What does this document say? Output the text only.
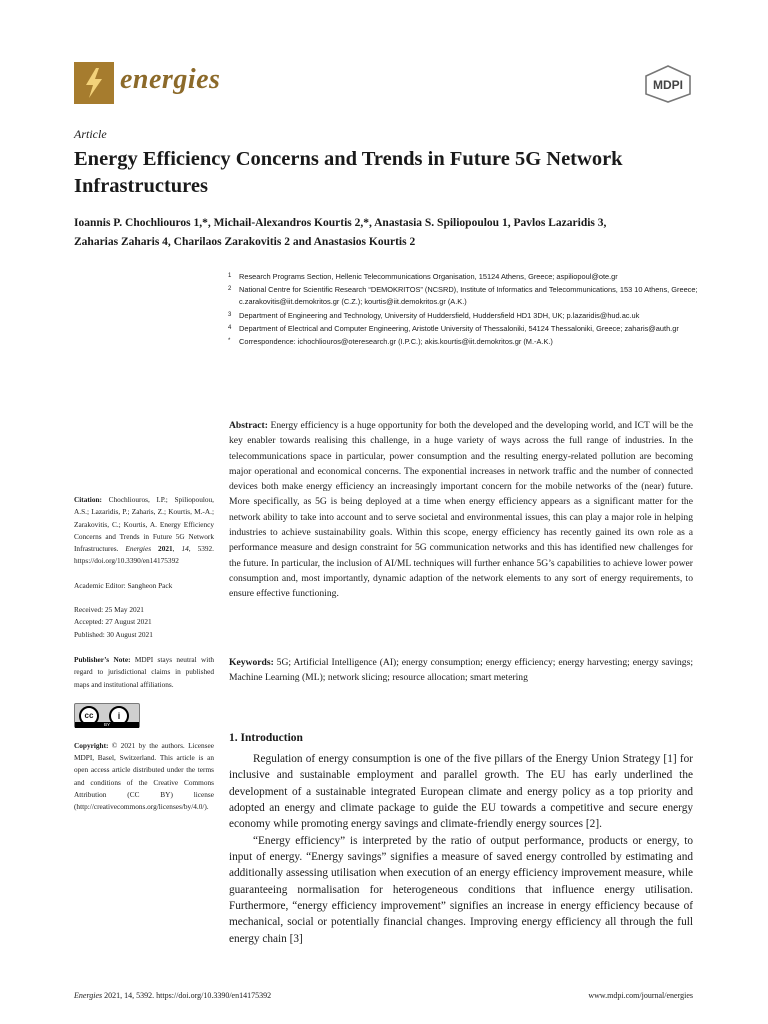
energies	MDPI
Article
Energy Efficiency Concerns and Trends in Future 5G Network Infrastructures
Ioannis P. Chochliouros 1,*, Michail-Alexandros Kourtis 2,*, Anastasia S. Spiliopoulou 1, Pavlos Lazaridis 3,
Zaharias Zaharis 4, Charilaos Zarakovitis 2 and Anastasios Kourtis 2
1 Research Programs Section, Hellenic Telecommunications Organisation, 15124 Athens, Greece; aspiliopoul@ote.gr
2 National Centre for Scientific Research “DEMOKRITOS” (NCSRD), Institute of Informatics and Telecommunications, 153 10 Athens, Greece; c.zarakovitis@iit.demokritos.gr (C.Z.); kourtis@iit.demokritos.gr (A.K.)
3 Department of Engineering and Technology, University of Huddersfield, Huddersfield HD1 3DH, UK; p.lazaridis@hud.ac.uk
4 Department of Electrical and Computer Engineering, Aristotle University of Thessaloniki, 54124 Thessaloniki, Greece; zaharis@auth.gr
* Correspondence: ichochliouros@oteresearch.gr (I.P.C.); akis.kourtis@iit.demokritos.gr (M.-A.K.)
Abstract: Energy efficiency is a huge opportunity for both the developed and the developing world, and ICT will be the key enabler towards realising this challenge, in a huge variety of ways across the full range of industries. In the telecommunications space in particular, power consumption and the resulting energy-related pollution are becoming major operational and economical concerns. The exponential increases in network traffic and the number of connected devices both make energy efficiency an increasingly important concern for the mobile networks of the (near) future. More specifically, as 5G is being deployed at a time when energy efficiency appears as a significant matter for the network ability to take into account and to serve societal and environmental issues, this can play a major role in helping industries to achieve sustainability goals. Within this scope, energy efficiency has recently gained its own role as a performance measure and design constraint for 5G communication networks and this has identified new challenges for the future. In particular, the inclusion of AI/ML techniques will further enhance 5G’s capabilities to achieve lower power consumption and, most importantly, dynamic adaption of the network elements to any sort of energy requirements, to ensure effective functioning.
Keywords: 5G; Artificial Intelligence (AI); energy consumption; energy efficiency; energy harvesting; energy savings; Machine Learning (ML); network slicing; resource allocation; smart metering
Citation: Chochliouros, I.P.; Spiliopoulou, A.S.; Lazaridis, P.; Zaharis, Z.; Kourtis, M.-A.; Zarakovitis, C.; Kourtis, A. Energy Efficiency Concerns and Trends in Future 5G Network Infrastructures. Energies 2021, 14, 5392. https://doi.org/10.3390/en14175392
Academic Editor: Sangheon Pack
Received: 25 May 2021
Accepted: 27 August 2021
Published: 30 August 2021
Publisher’s Note: MDPI stays neutral with regard to jurisdictional claims in published maps and institutional affiliations.
cc	i
BY
Copyright: © 2021 by the authors. Licensee MDPI, Basel, Switzerland. This article is an open access article distributed under the terms and conditions of the Creative Commons Attribution (CC BY) license (http://creativecommons.org/licenses/by/4.0/).
1. Introduction

Regulation of energy consumption is one of the five pillars of the Energy Union Strategy [1] for inclusive and sustainable employment and parallel growth. The EU has early underlined the development of a sustainable integrated European climate and energy policy as a top priority and adopted an energy and climate package to guide the EU towards a competitive and secure energy economy while promoting energy savings and climate-friendly energy sources [2].

“Energy efficiency” is interpreted by the ratio of output performance, products or energy, to input of energy. “Energy savings” signifies a measure of saved energy controlled by estimating and additionally assessing utilisation when execution of an energy efficiency improvement measure, while guaranteeing normalisation for heterogeneous conditions that influence energy utilisation. Furthermore, “energy efficiency improvement” signifies an increase in energy efficiency because of mechanical, social or potentially financial changes. Improving energy efficiency all through the full energy chain [3]

Energies 2021, 14, 5392. https://doi.org/10.3390/en14175392	www.mdpi.com/journal/energies
